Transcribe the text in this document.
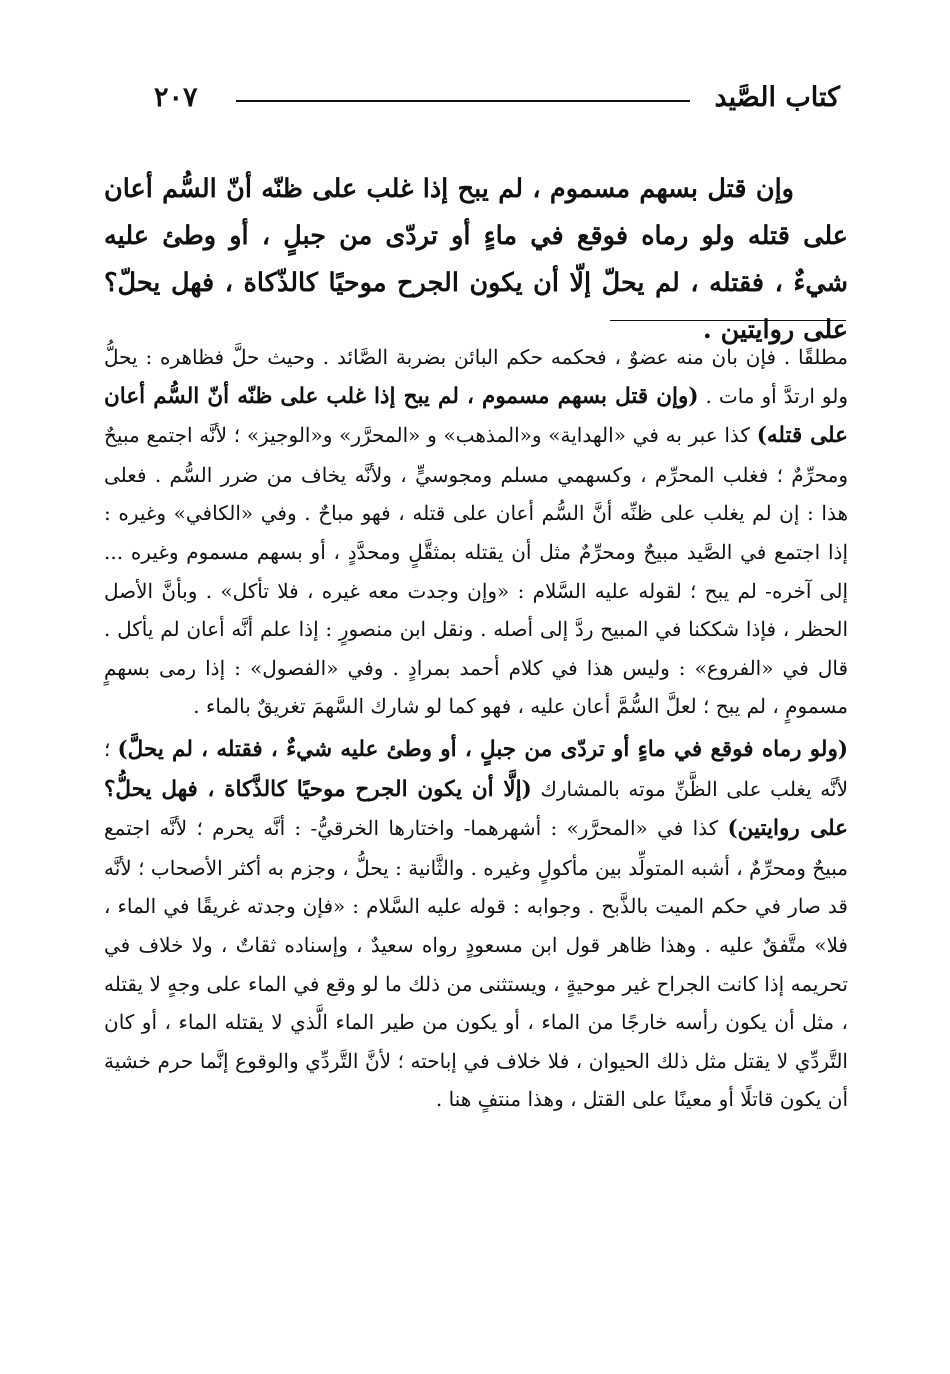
كتاب الصَّيد
٢٠٧

وإن قتل بسهم مسموم ، لم يبح إذا غلب على ظنّه أنّ السُّم أعان على قتله ولو رماه فوقع في ماءٍ أو تردّى من جبلٍ ، أو وطئ عليه شيءٌ ، فقتله ، لم يحلّ إلّا أن يكون الجرح موحيًا كالذّكاة ، فهل يحلّ؟ على روايتين .

مطلقًا . فإن بان منه عضوٌ ، فحكمه حكم البائن بضربة الصَّائد . وحيث حلَّ فظاهره : يحلُّ ولو ارتدَّ أو مات . (وإن قتل بسهم مسموم ، لم يبح إذا غلب على ظنّه أنّ السُّم أعان على قتله) كذا عبر به في «الهداية» و«المذهب» و «المحرَّر» و«الوجيز» ؛ لأنَّه اجتمع مبيحٌ ومحرِّمٌ ؛ فغلب المحرِّم ، وكسهمي مسلم ومجوسيٍّ ، ولأنَّه يخاف من ضرر السُّم . فعلى هذا : إن لم يغلب على ظنِّه أنَّ السُّم أعان على قتله ، فهو مباحٌ . وفي «الكافي» وغيره : إذا اجتمع في الصَّيد مبيحٌ ومحرِّمٌ مثل أن يقتله بمثقَّلٍ ومحدَّدٍ ، أو بسهم مسموم وغيره ... إلى آخره- لم يبح ؛ لقوله عليه السَّلام : «وإن وجدت معه غيره ، فلا تأكل» . وبأنَّ الأصل الحظر ، فإذا شككنا في المبيح ردَّ إلى أصله . ونقل ابن منصورٍ : إذا علم أنَّه أعان لم يأكل . قال في «الفروع» : وليس هذا في كلام أحمد بمرادٍ . وفي «الفصول» : إذا رمى بسهمٍ مسمومٍ ، لم يبح ؛ لعلَّ السُّمَّ أعان عليه ، فهو كما لو شارك السَّهمَ تغريقٌ بالماء .

(ولو رماه فوقع في ماءٍ أو تردّى من جبلٍ ، أو وطئ عليه شيءٌ ، فقتله ، لم يحلَّ) ؛ لأنَّه يغلب على الظَّنِّ موته بالمشارك (إلَّا أن يكون الجرح موحيًا كالذَّكاة ، فهل يحلُّ؟ على روايتين) كذا في «المحرَّر» : أشهرهما- واختارها الخرقيُّ- : أنَّه يحرم ؛ لأنَّه اجتمع مبيحٌ ومحرِّمٌ ، أشبه المتولِّد بين مأكولٍ وغيره . والثَّانية : يحلُّ ، وجزم به أكثر الأصحاب ؛ لأنَّه قد صار في حكم الميت بالذَّبح . وجوابه : قوله عليه السَّلام : «فإن وجدته غريقًا في الماء ، فلا» متَّفقٌ عليه . وهذا ظاهر قول ابن مسعودٍ رواه سعيدٌ ، وإسناده ثقاتٌ ، ولا خلاف في تحريمه إذا كانت الجراح غير موحيةٍ ، ويستثنى من ذلك ما لو وقع في الماء على وجهٍ لا يقتله ، مثل أن يكون رأسه خارجًا من الماء ، أو يكون من طير الماء الَّذي لا يقتله الماء ، أو كان التَّردِّي لا يقتل مثل ذلك الحيوان ، فلا خلاف في إباحته ؛ لأنَّ التَّردِّي والوقوع إنَّما حرم خشية أن يكون قاتلًا أو معينًا على القتل ، وهذا منتفٍ هنا .
